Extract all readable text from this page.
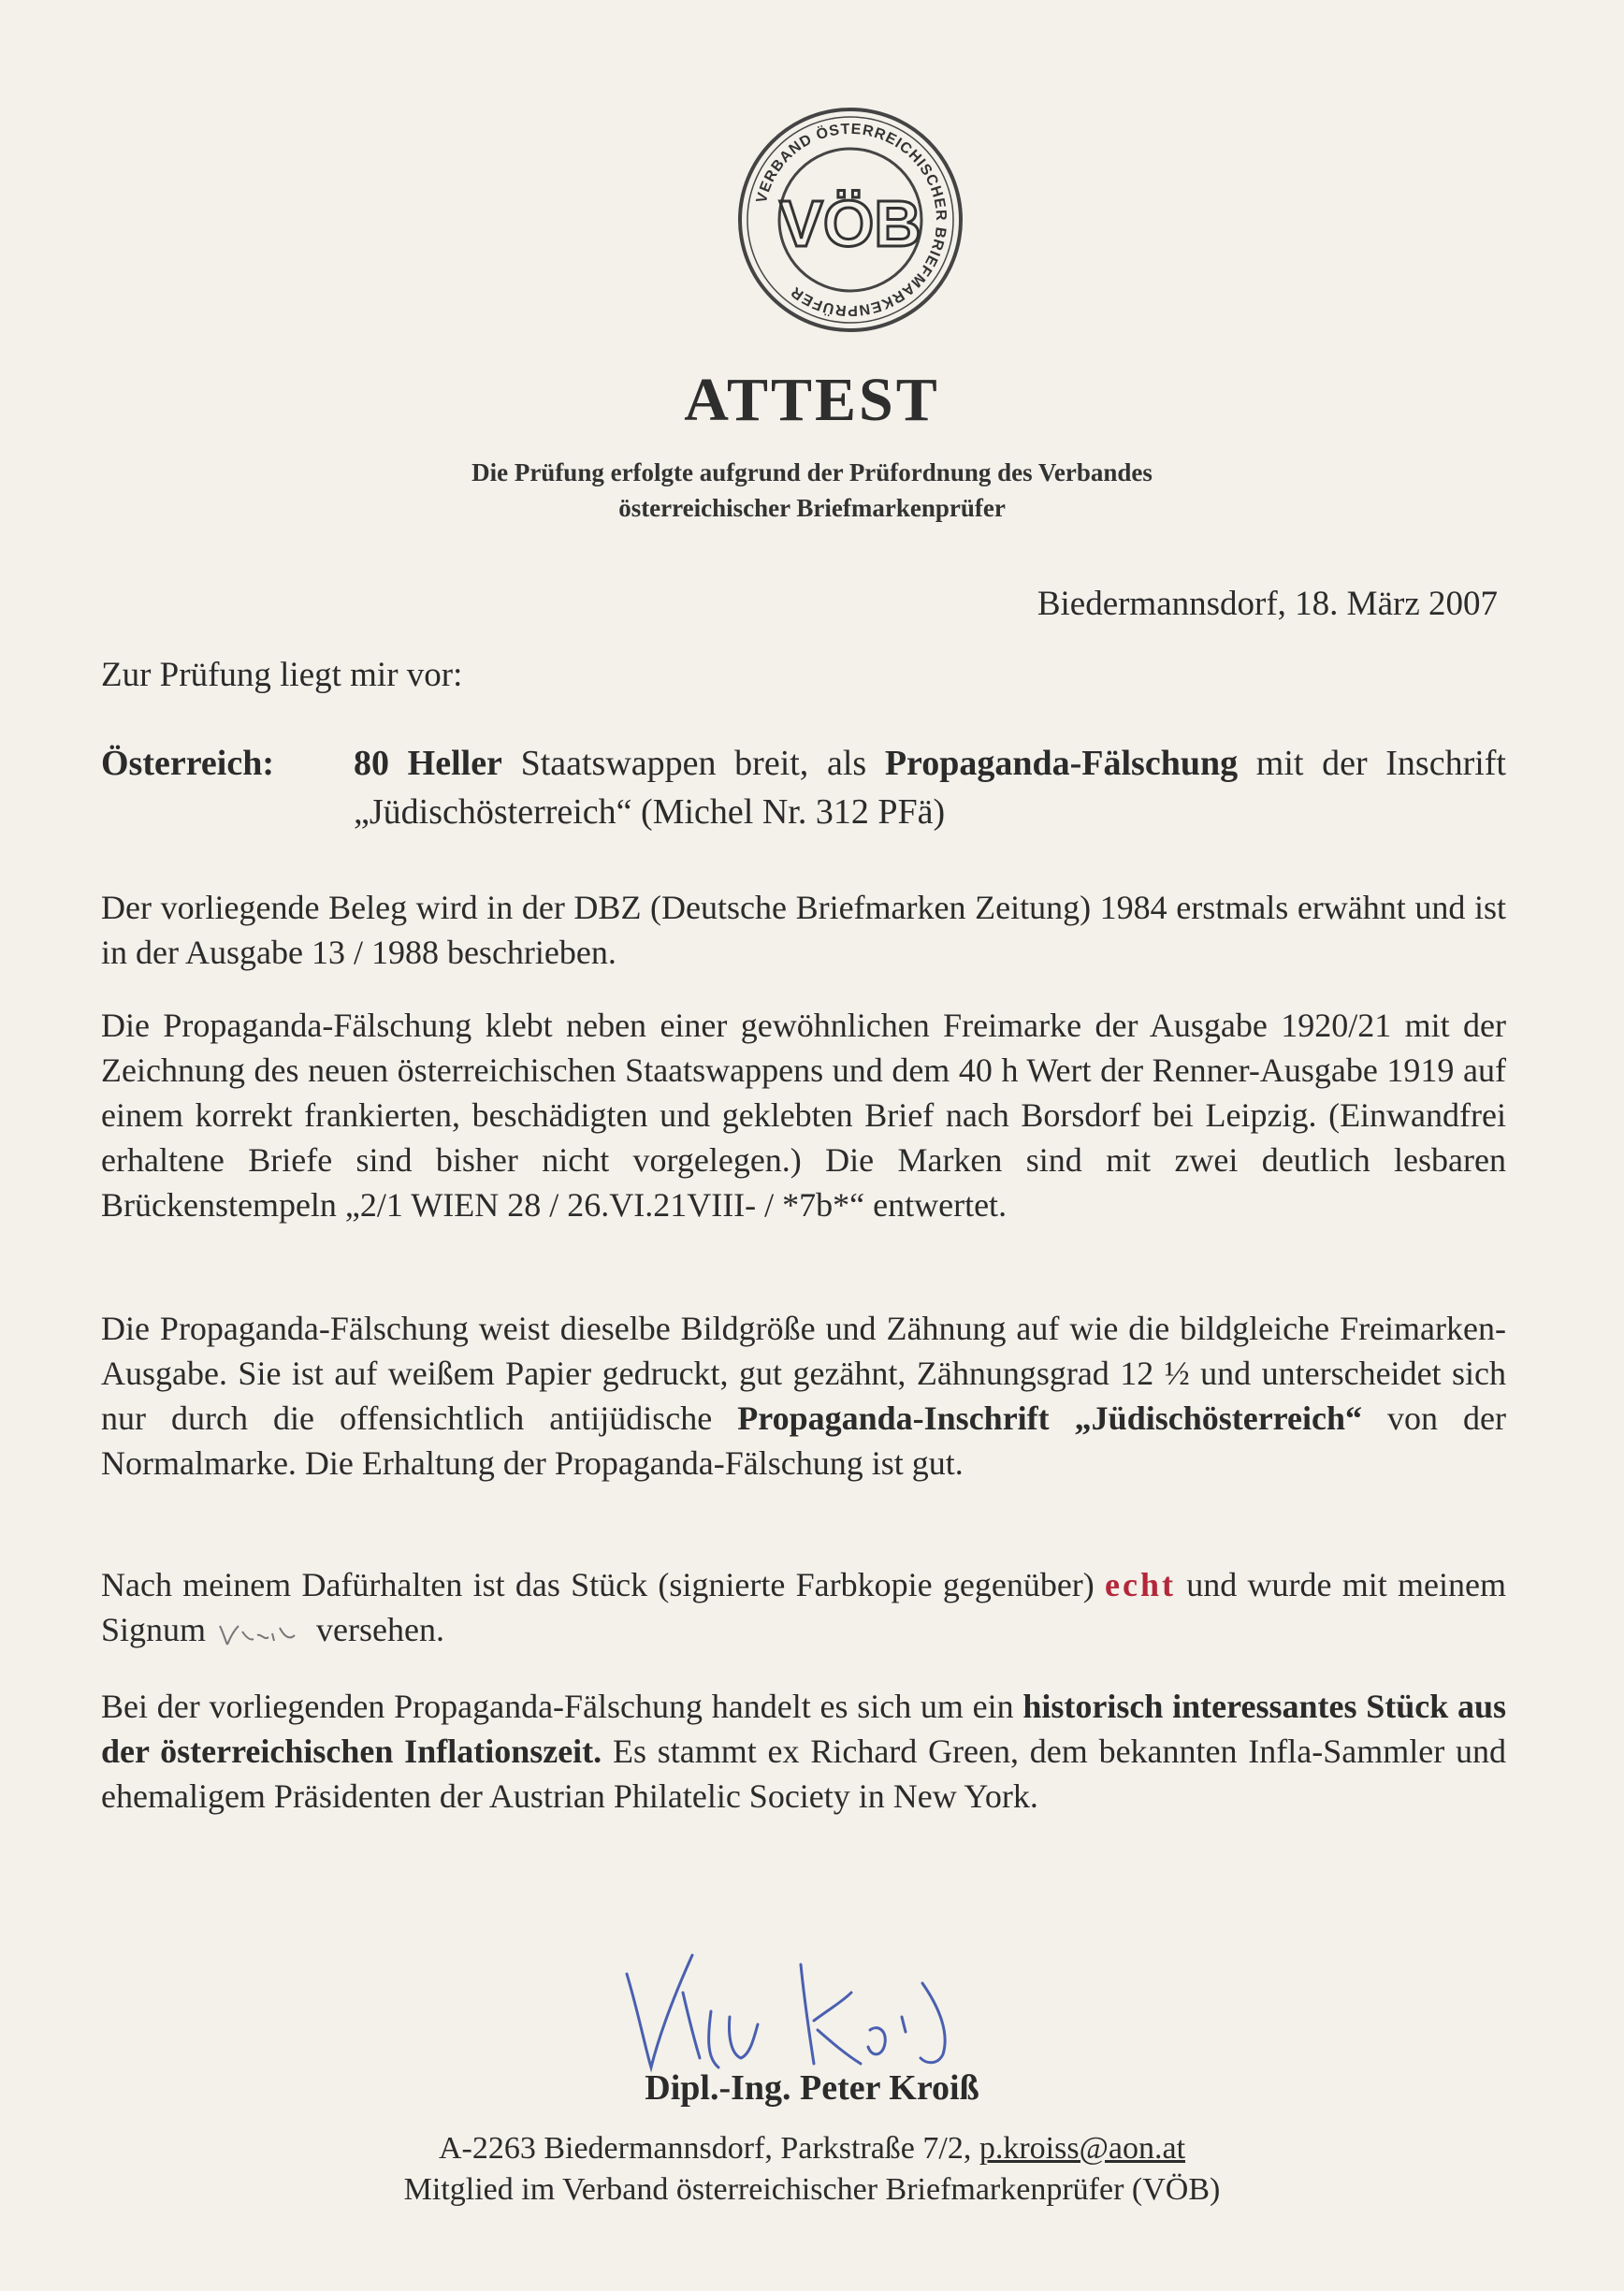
VERBAND ÖSTERREICHISCHER BRIEFMARKENPRÜFER
VÖB
ATTEST
Die Prüfung erfolgte aufgrund der Prüfordnung des Verbandes
österreichischer Briefmarkenprüfer
Biedermannsdorf, 18. März 2007
Zur Prüfung liegt mir vor:
Österreich: 80 Heller Staatswappen breit, als Propaganda-Fälschung mit der Inschrift „Jüdischösterreich“ (Michel Nr. 312 PFä)

Der vorliegende Beleg wird in der DBZ (Deutsche Briefmarken Zeitung) 1984 erstmals erwähnt und ist in der Ausgabe 13 / 1988 beschrieben.

Die Propaganda-Fälschung klebt neben einer gewöhnlichen Freimarke der Ausgabe 1920/21 mit der Zeichnung des neuen österreichischen Staatswappens und dem 40 h Wert der Renner-Ausgabe 1919 auf einem korrekt frankierten, beschädigten und geklebten Brief nach Borsdorf bei Leipzig. (Einwandfrei erhaltene Briefe sind bisher nicht vorgelegen.) Die Marken sind mit zwei deutlich lesbaren Brückenstempeln „2/1 WIEN 28 / 26.VI.21VIII- / *7b*“ entwertet.

Die Propaganda-Fälschung weist dieselbe Bildgröße und Zähnung auf wie die bildgleiche Freimarken-Ausgabe. Sie ist auf weißem Papier gedruckt, gut gezähnt, Zähnungsgrad 12 ½ und unterscheidet sich nur durch die offensichtlich antijüdische Propaganda-Inschrift „Jüdischösterreich“ von der Normalmarke. Die Erhaltung der Propaganda-Fälschung ist gut.

Nach meinem Dafürhalten ist das Stück (signierte Farbkopie gegenüber) echt und wurde mit meinem Signum	versehen.

Bei der vorliegenden Propaganda-Fälschung handelt es sich um ein historisch interessantes Stück aus der österreichischen Inflationszeit. Es stammt ex Richard Green, dem bekannten Infla-Sammler und ehemaligem Präsidenten der Austrian Philatelic Society in New York.

Dipl.-Ing. Peter Kroiß
A-2263 Biedermannsdorf, Parkstraße 7/2, p.kroiss@aon.at
Mitglied im Verband österreichischer Briefmarkenprüfer (VÖB)
